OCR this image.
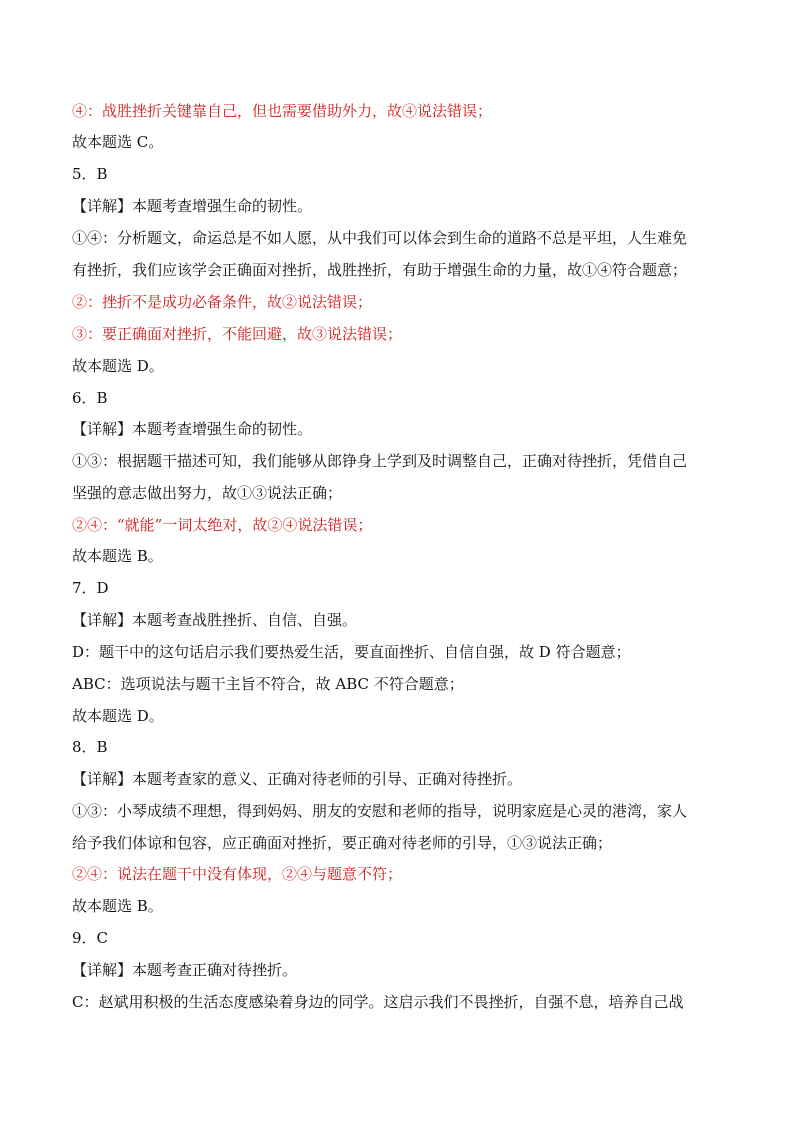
④：战胜挫折关键靠自己，但也需要借助外力，故④说法错误；
故本题选 C。
5．B
【详解】本题考查增强生命的韧性。
①④：分析题文，命运总是不如人愿，从中我们可以体会到生命的道路不总是平坦，人生难免
有挫折，我们应该学会正确面对挫折，战胜挫折，有助于增强生命的力量，故①④符合题意；
②：挫折不是成功必备条件，故②说法错误；
③：要正确面对挫折，不能回避，故③说法错误；
故本题选 D。
6．B
【详解】本题考查增强生命的韧性。
①③：根据题干描述可知，我们能够从郎铮身上学到及时调整自己，正确对待挫折，凭借自己
坚强的意志做出努力，故①③说法正确；
②④：“就能”一词太绝对，故②④说法错误；
故本题选 B。
7．D
【详解】本题考查战胜挫折、自信、自强。
D：题干中的这句话启示我们要热爱生活，要直面挫折、自信自强，故 D 符合题意；
ABC：选项说法与题干主旨不符合，故 ABC 不符合题意；
故本题选 D。
8．B
【详解】本题考查家的意义、正确对待老师的引导、正确对待挫折。
①③：小琴成绩不理想，得到妈妈、朋友的安慰和老师的指导，说明家庭是心灵的港湾，家人
给予我们体谅和包容，应正确面对挫折，要正确对待老师的引导，①③说法正确；
②④：说法在题干中没有体现，②④与题意不符；
故本题选 B。
9．C
【详解】本题考查正确对待挫折。
C：赵斌用积极的生活态度感染着身边的同学。这启示我们不畏挫折，自强不息，培养自己战
